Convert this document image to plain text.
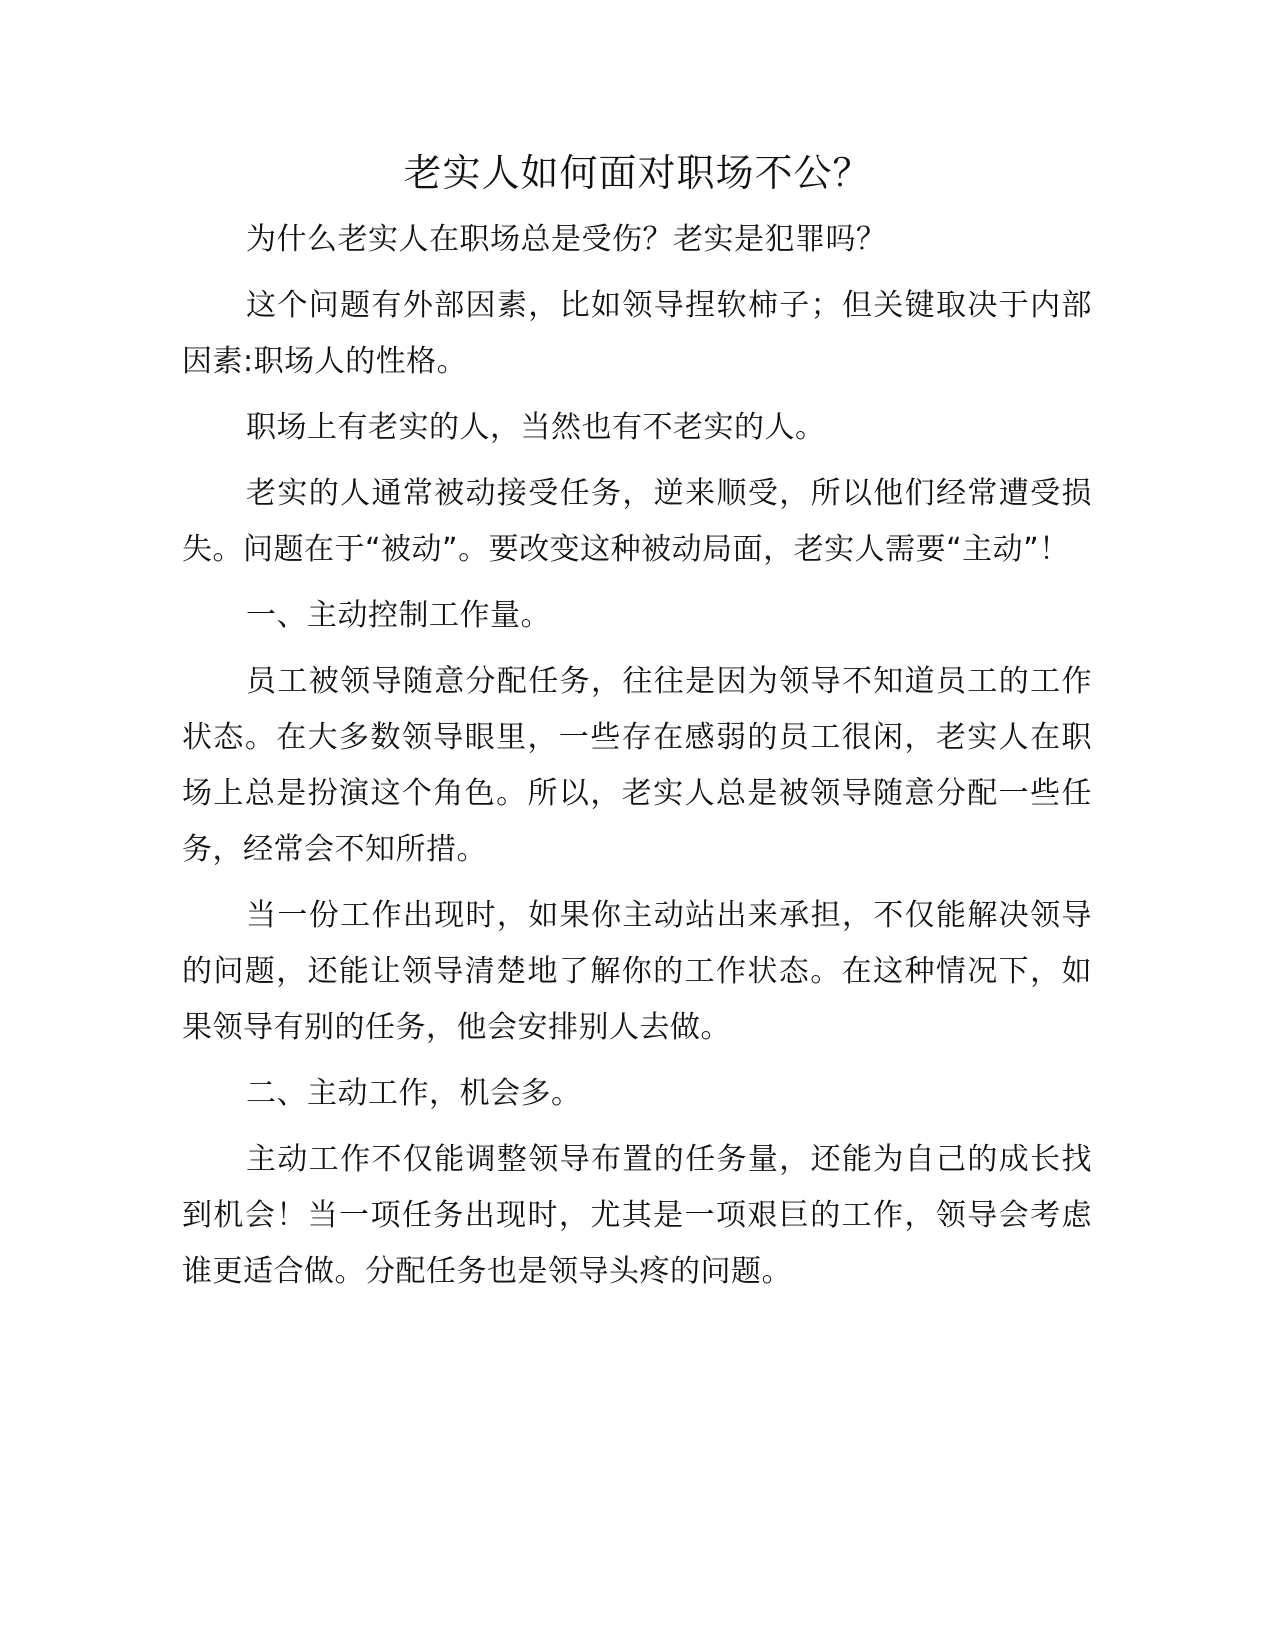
老实人如何面对职场不公？

为什么老实人在职场总是受伤？老实是犯罪吗？

这个问题有外部因素，比如领导捏软柿子；但关键取决于内部因素:职场人的性格。

职场上有老实的人，当然也有不老实的人。

老实的人通常被动接受任务，逆来顺受，所以他们经常遭受损失。问题在于“被动”。要改变这种被动局面，老实人需要“主动”！

一、主动控制工作量。

员工被领导随意分配任务，往往是因为领导不知道员工的工作状态。在大多数领导眼里，一些存在感弱的员工很闲，老实人在职场上总是扮演这个角色。所以，老实人总是被领导随意分配一些任务，经常会不知所措。

当一份工作出现时，如果你主动站出来承担，不仅能解决领导的问题，还能让领导清楚地了解你的工作状态。在这种情况下，如果领导有别的任务，他会安排别人去做。

二、主动工作，机会多。

主动工作不仅能调整领导布置的任务量，还能为自己的成长找到机会！当一项任务出现时，尤其是一项艰巨的工作，领导会考虑谁更适合做。分配任务也是领导头疼的问题。
